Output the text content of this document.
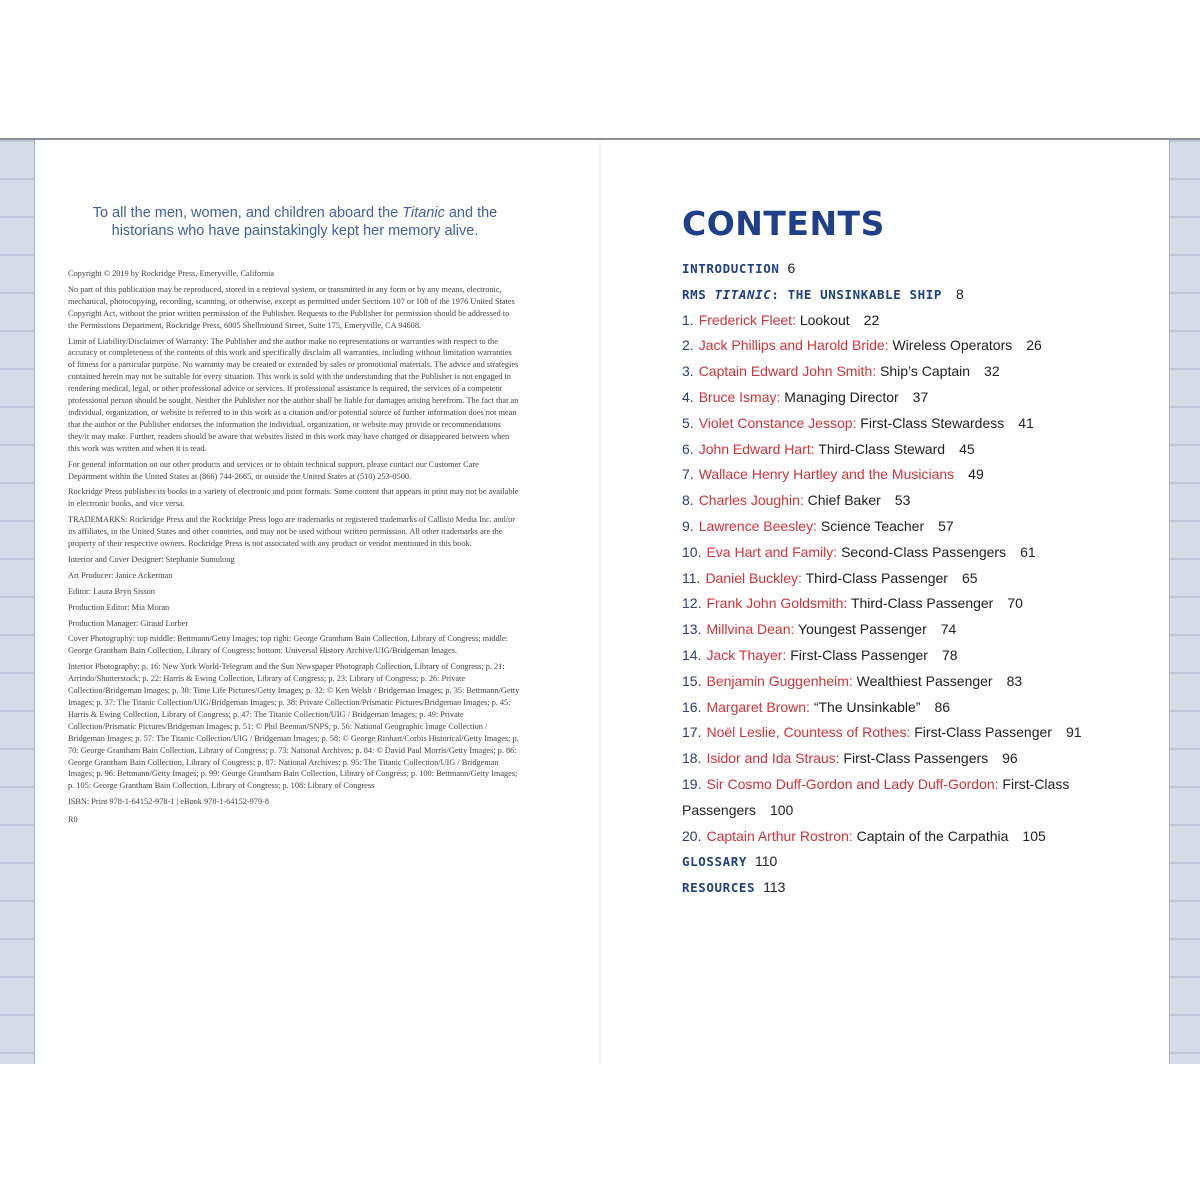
To all the men, women, and children aboard the Titanic and the historians who have painstakingly kept her memory alive.

Copyright © 2019 by Rockridge Press, Emeryville, California

No part of this publication may be reproduced, stored in a retrieval system, or transmitted in any form or by any means, electronic, mechanical, photocopying, recording, scanning, or otherwise, except as permitted under Sections 107 or 108 of the 1976 United States Copyright Act, without the prior written permission of the Publisher. Requests to the Publisher for permission should be addressed to the Permissions Department, Rockridge Press, 6005 Shellmound Street, Suite 175, Emeryville, CA 94608.

Limit of Liability/Disclaimer of Warranty: The Publisher and the author make no representations or warranties with respect to the accuracy or completeness of the contents of this work and specifically disclaim all warranties, including without limitation warranties of fitness for a particular purpose. No warranty may be created or extended by sales or promotional materials. The advice and strategies contained herein may not be suitable for every situation. This work is sold with the understanding that the Publisher is not engaged in rendering medical, legal, or other professional advice or services. If professional assistance is required, the services of a competent professional person should be sought. Neither the Publisher nor the author shall be liable for damages arising herefrom. The fact that an individual, organization, or website is referred to in this work as a citation and/or potential source of further information does not mean that the author or the Publisher endorses the information the individual, organization, or website may provide or recommendations they/it may make. Further, readers should be aware that websites listed in this work may have changed or disappeared between when this work was written and when it is read.

For general information on our other products and services or to obtain technical support, please contact our Customer Care Department within the United States at (866) 744-2665, or outside the United States at (510) 253-0500.

Rockridge Press publishes its books in a variety of electronic and print formats. Some content that appears in print may not be available in electronic books, and vice versa.

TRADEMARKS: Rockridge Press and the Rockridge Press logo are trademarks or registered trademarks of Callisto Media Inc. and/or its affiliates, in the United States and other countries, and may not be used without written permission. All other trademarks are the property of their respective owners. Rockridge Press is not associated with any product or vendor mentioned in this book.

Interior and Cover Designer: Stephanie Sumulong

Art Producer: Janice Ackerman

Editor: Laura Bryn Sisson

Production Editor: Mia Moran

Production Manager: Giraud Lorber

Cover Photography: top middle: Bettmann/Getty Images; top right: George Grantham Bain Collection, Library of Congress; middle: George Grantham Bain Collection, Library of Congress; bottom: Universal History Archive/UIG/Bridgeman Images.

Interior Photography: p. 16: New York World-Telegram and the Sun Newspaper Photograph Collection, Library of Congress; p. 21: Arrindo/Shutterstock; p. 22: Harris & Ewing Collection, Library of Congress; p. 23: Library of Congress; p. 26: Private Collection/Bridgeman Images; p. 30: Time Life Pictures/Getty Images; p. 32: © Ken Welsh / Bridgeman Images; p. 35: Bettmann/Getty Images; p. 37: The Titanic Collection/UIG/Bridgeman Images; p. 38: Private Collection/Prismatic Pictures/Bridgeman Images; p. 45: Harris & Ewing Collection, Library of Congress; p. 47: The Titanic Collection/UIG / Bridgeman Images; p. 49: Private Collection/Prismatic Pictures/Bridgeman Images; p. 51: © Phil Beeman/SNPS; p. 56: National Geographic Image Collection / Bridgeman Images; p. 57: The Titanic Collection/UIG / Bridgeman Images; p. 58: © George Rinhart/Corbis Historical/Getty Images; p. 70: George Grantham Bain Collection, Library of Congress; p. 73: National Archives; p. 84: © David Paul Morris/Getty Images; p. 86: George Grantham Bain Collection, Library of Congress; p. 87: National Archives; p. 95: The Titanic Collection/UIG / Bridgeman Images; p. 96: Bettmann/Getty Images; p. 99: George Grantham Bain Collection, Library of Congress; p. 100: Bettmann/Getty Images; p. 105: George Grantham Bain Collection, Library of Congress; p. 108: Library of Congress

ISBN: Print 978-1-64152-978-1 | eBook 978-1-64152-979-8

R0
CONTENTS
INTRODUCTION 6
RMS TITANIC: THE UNSINKABLE SHIP 8
1. Frederick Fleet: Lookout 22
2. Jack Phillips and Harold Bride: Wireless Operators 26
3. Captain Edward John Smith: Ship’s Captain 32
4. Bruce Ismay: Managing Director 37
5. Violet Constance Jessop: First-Class Stewardess 41
6. John Edward Hart: Third-Class Steward 45
7. Wallace Henry Hartley and the Musicians 49
8. Charles Joughin: Chief Baker 53
9. Lawrence Beesley: Science Teacher 57
10. Eva Hart and Family: Second-Class Passengers 61
11. Daniel Buckley: Third-Class Passenger 65
12. Frank John Goldsmith: Third-Class Passenger 70
13. Millvina Dean: Youngest Passenger 74
14. Jack Thayer: First-Class Passenger 78
15. Benjamin Guggenheim: Wealthiest Passenger 83
16. Margaret Brown: “The Unsinkable” 86
17. Noël Leslie, Countess of Rothes: First-Class Passenger 91
18. Isidor and Ida Straus: First-Class Passengers 96
19. Sir Cosmo Duff-Gordon and Lady Duff-Gordon: First-Class Passengers 100
20. Captain Arthur Rostron: Captain of the Carpathia 105
GLOSSARY 110
RESOURCES 113
